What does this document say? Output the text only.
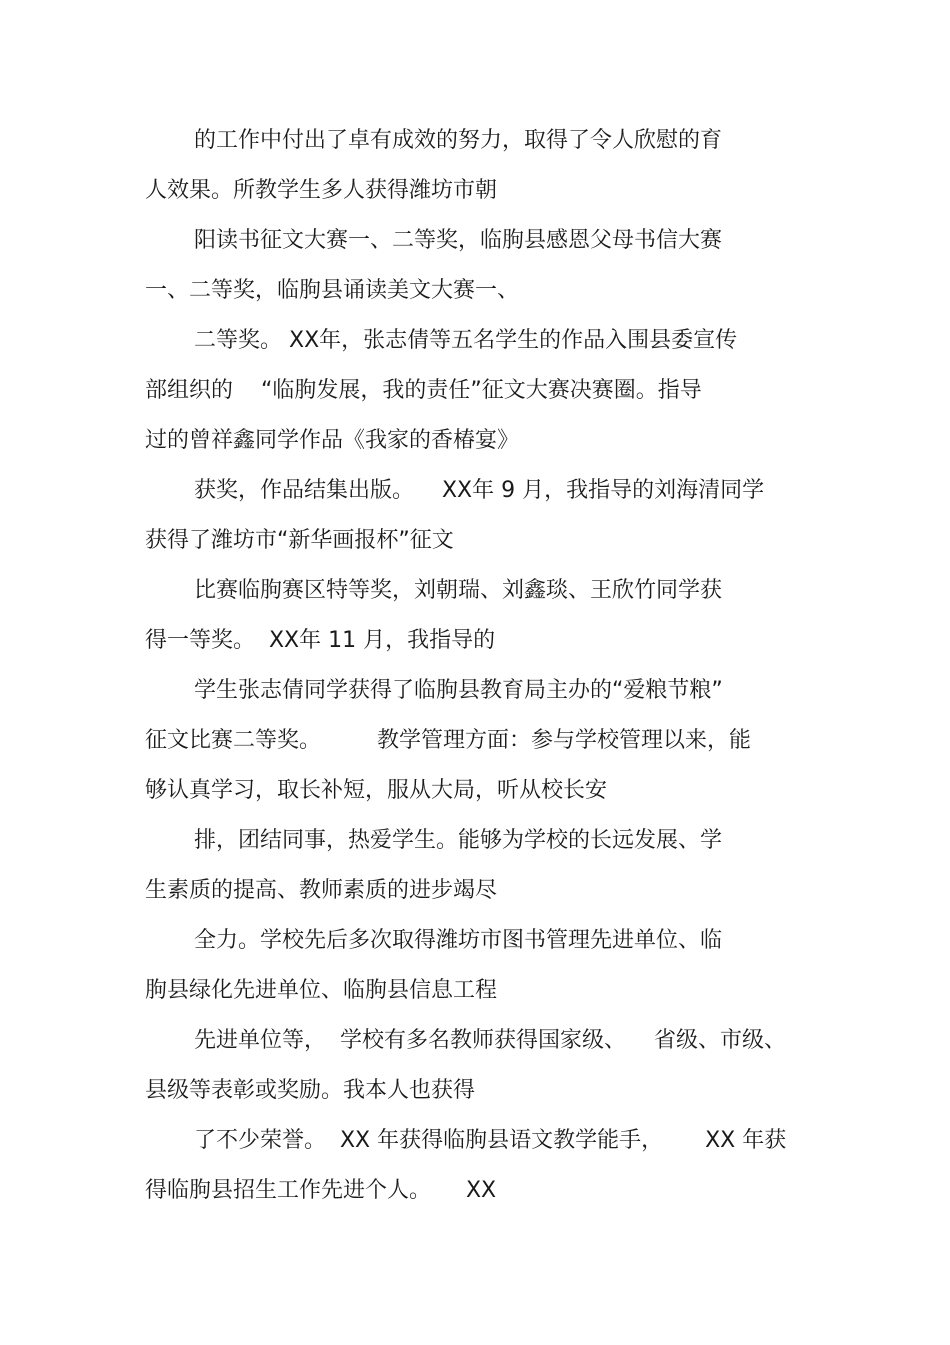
的工作中付出了卓有成效的努力，取得了令人欣慰的育
人效果。所教学生多人获得潍坊市朝
阳读书征文大赛一、二等奖，临朐县感恩父母书信大赛
一、二等奖，临朐县诵读美文大赛一、
二等奖。 XX年，张志倩等五名学生的作品入围县委宣传
部组织的    “临朐发展，我的责任”征文大赛决赛圈。指导
过的曾祥鑫同学作品《我家的香椿宴》
获奖，作品结集出版。    XX年 9 月，我指导的刘海清同学
获得了潍坊市“新华画报杯”征文
比赛临朐赛区特等奖，刘朝瑞、刘鑫琰、王欣竹同学获
得一等奖。  XX年 11 月，我指导的
学生张志倩同学获得了临朐县教育局主办的“爱粮节粮”
征文比赛二等奖。        教学管理方面：参与学校管理以来，能
够认真学习，取长补短，服从大局，听从校长安
排，团结同事，热爱学生。能够为学校的长远发展、学
生素质的提高、教师素质的进步竭尽
全力。学校先后多次取得潍坊市图书管理先进单位、临
朐县绿化先进单位、临朐县信息工程
先进单位等，  学校有多名教师获得国家级、    省级、市级、
县级等表彰或奖励。我本人也获得
了不少荣誉。  XX 年获得临朐县语文教学能手，      XX 年获
得临朐县招生工作先进个人。     XX
